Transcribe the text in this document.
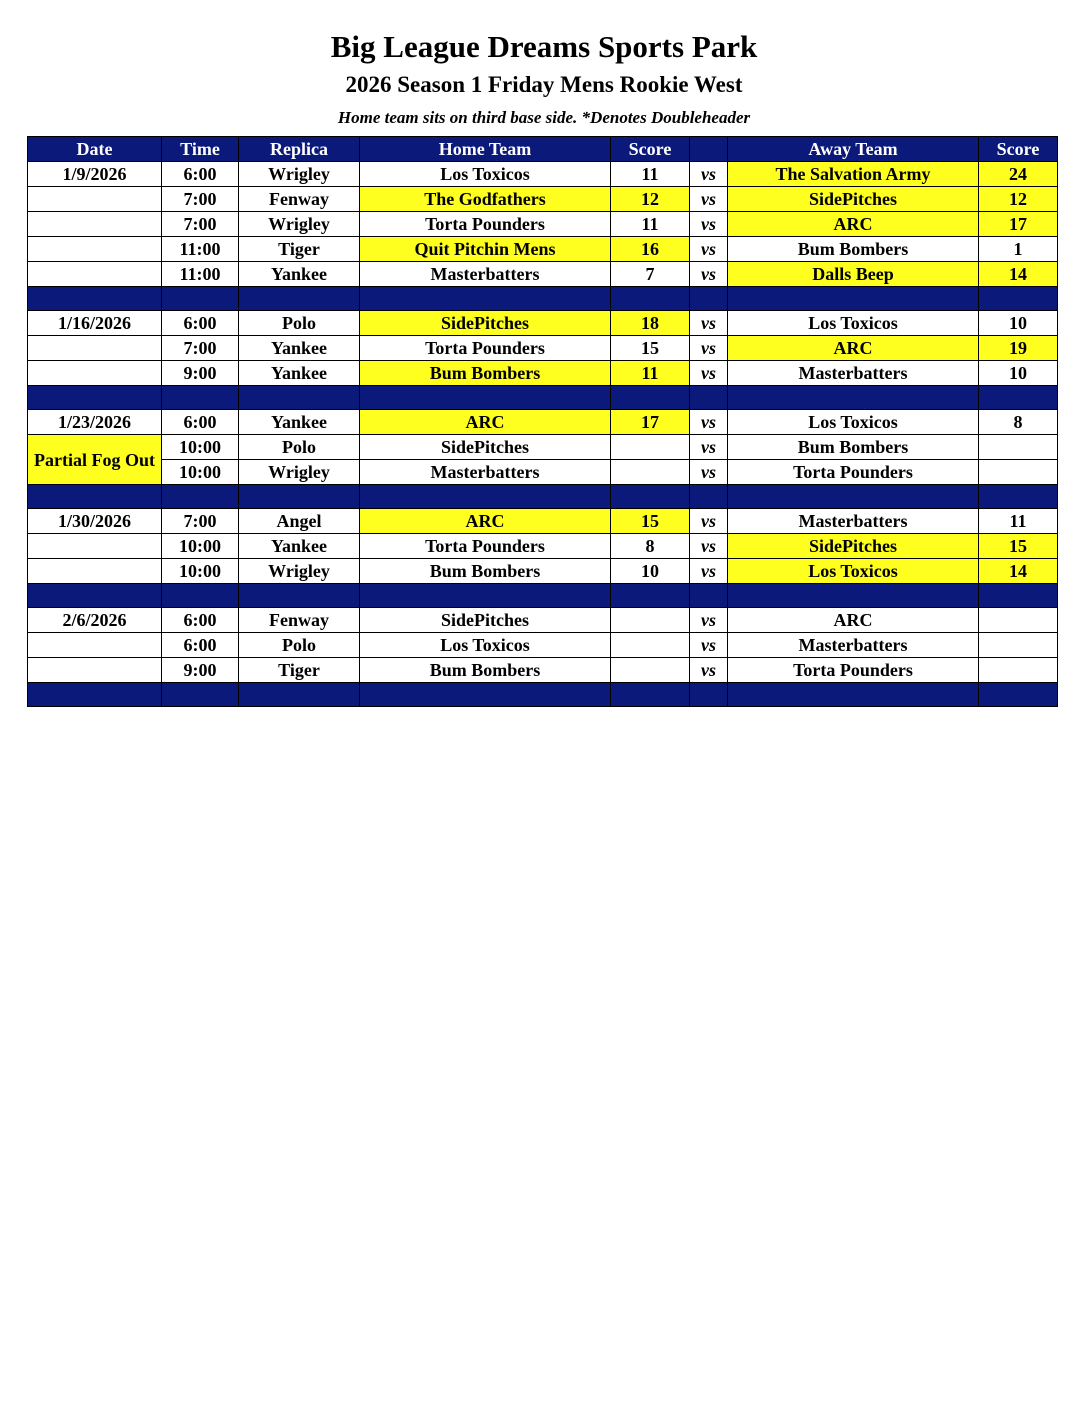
Big League Dreams Sports Park
2026 Season 1 Friday Mens Rookie West
Home team sits on third base side. *Denotes Doubleheader
Date	Time	Replica	Home Team	Score		Away Team	Score
1/9/2026	6:00	Wrigley	Los Toxicos	11	vs	The Salvation Army	24
	7:00	Fenway	The Godfathers	12	vs	SidePitches	12
	7:00	Wrigley	Torta Pounders	11	vs	ARC	17
	11:00	Tiger	Quit Pitchin Mens	16	vs	Bum Bombers	1
	11:00	Yankee	Masterbatters	7	vs	Dalls Beep	14

1/16/2026	6:00	Polo	SidePitches	18	vs	Los Toxicos	10
	7:00	Yankee	Torta Pounders	15	vs	ARC	19
	9:00	Yankee	Bum Bombers	11	vs	Masterbatters	10

1/23/2026	6:00	Yankee	ARC	17	vs	Los Toxicos	8
Partial Fog Out	10:00	Polo	SidePitches		vs	Bum Bombers	
	10:00	Wrigley	Masterbatters		vs	Torta Pounders	

1/30/2026	7:00	Angel	ARC	15	vs	Masterbatters	11
	10:00	Yankee	Torta Pounders	8	vs	SidePitches	15
	10:00	Wrigley	Bum Bombers	10	vs	Los Toxicos	14

2/6/2026	6:00	Fenway	SidePitches		vs	ARC	
	6:00	Polo	Los Toxicos		vs	Masterbatters	
	9:00	Tiger	Bum Bombers		vs	Torta Pounders	
